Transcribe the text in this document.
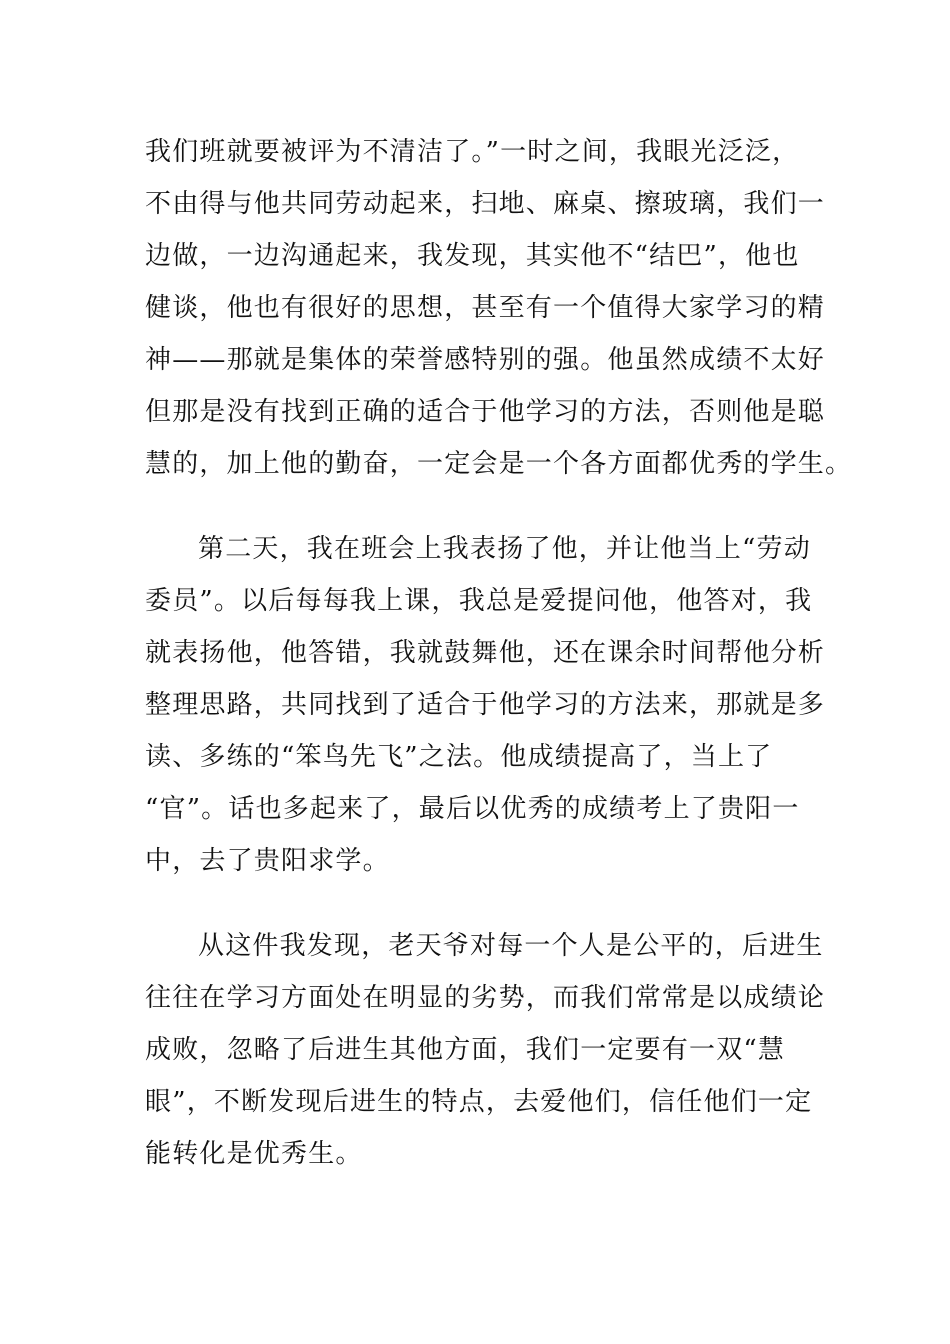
我们班就要被评为不清洁了。”一时之间，我眼光泛泛，
不由得与他共同劳动起来，扫地、麻桌、擦玻璃，我们一
边做，一边沟通起来，我发现，其实他不“结巴”，他也
健谈，他也有很好的思想，甚至有一个值得大家学习的精
神——那就是集体的荣誉感特别的强。他虽然成绩不太好
但那是没有找到正确的适合于他学习的方法，否则他是聪
慧的，加上他的勤奋，一定会是一个各方面都优秀的学生。
第二天，我在班会上我表扬了他，并让他当上“劳动
委员”。以后每每我上课，我总是爱提问他，他答对，我
就表扬他，他答错，我就鼓舞他，还在课余时间帮他分析
整理思路，共同找到了适合于他学习的方法来，那就是多
读、多练的“笨鸟先飞”之法。他成绩提高了，当上了
“官”。话也多起来了，最后以优秀的成绩考上了贵阳一
中，去了贵阳求学。
从这件我发现，老天爷对每一个人是公平的，后进生
往往在学习方面处在明显的劣势，而我们常常是以成绩论
成败，忽略了后进生其他方面，我们一定要有一双“慧
眼”，不断发现后进生的特点，去爱他们，信任他们一定
能转化是优秀生。
